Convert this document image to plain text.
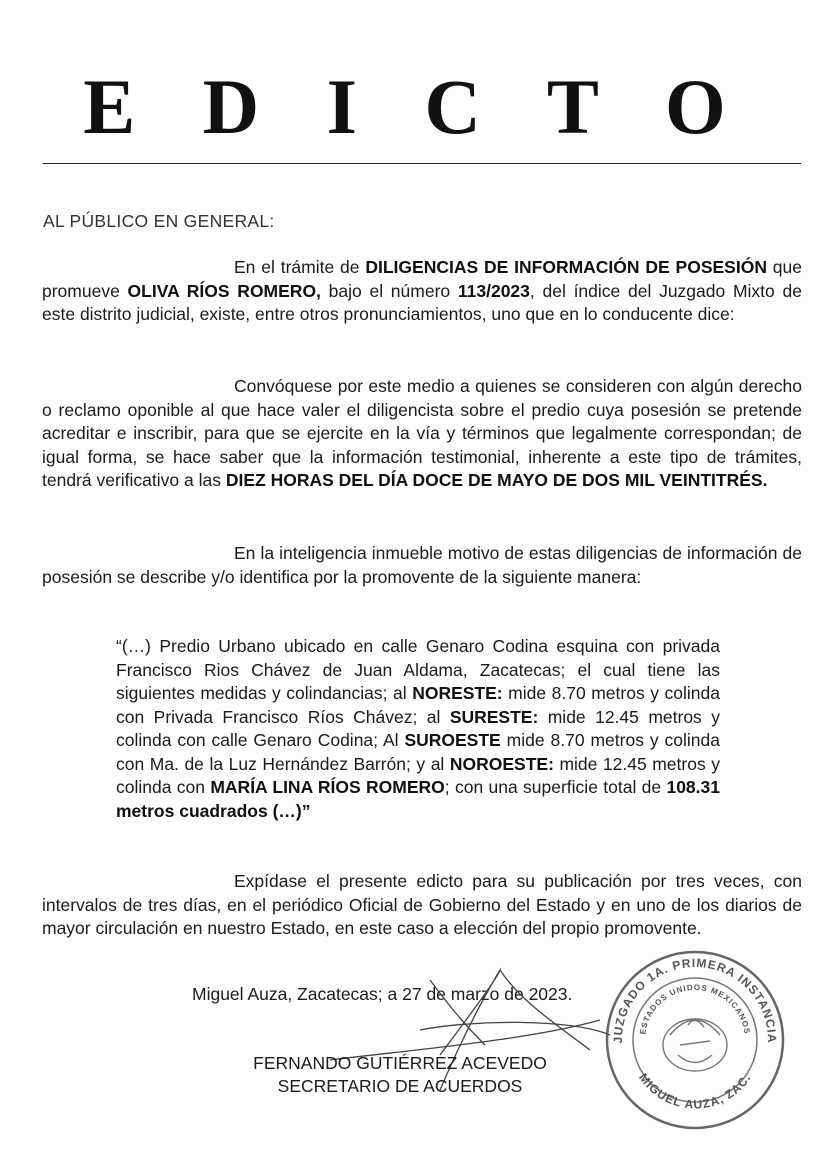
E D I C T O
AL PÚBLICO EN GENERAL:

En el trámite de DILIGENCIAS DE INFORMACIÓN DE POSESIÓN que promueve OLIVA RÍOS ROMERO, bajo el número 113/2023, del índice del Juzgado Mixto de este distrito judicial, existe, entre otros pronunciamientos, uno que en lo conducente dice:

Convóquese por este medio a quienes se consideren con algún derecho o reclamo oponible al que hace valer el diligencista sobre el predio cuya posesión se pretende acreditar e inscribir, para que se ejercite en la vía y términos que legalmente correspondan; de igual forma, se hace saber que la información testimonial, inherente a este tipo de trámites, tendrá verificativo a las DIEZ HORAS DEL DÍA DOCE DE MAYO DE DOS MIL VEINTITRÉS.

En la inteligencia inmueble motivo de estas diligencias de información de posesión se describe y/o identifica por la promovente de la siguiente manera:

“(…) Predio Urbano ubicado en calle Genaro Codina esquina con privada Francisco Rios Chávez de Juan Aldama, Zacatecas; el cual tiene las siguientes medidas y colindancias; al NORESTE: mide 8.70 metros y colinda con Privada Francisco Ríos Chávez; al SURESTE: mide 12.45 metros y colinda con calle Genaro Codina; Al SUROESTE mide 8.70 metros y colinda con Ma. de la Luz Hernández Barrón; y al NOROESTE: mide 12.45 metros y colinda con MARÍA LINA RÍOS ROMERO; con una superficie total de 108.31 metros cuadrados (…)”

Expídase el presente edicto para su publicación por tres veces, con intervalos de tres días, en el periódico Oficial de Gobierno del Estado y en uno de los diarios de mayor circulación en nuestro Estado, en este caso a elección del propio promovente.

Miguel Auza, Zacatecas; a 27 de marzo de 2023.
JUZGADO 1A. PRIMERA INSTANCIA
ESTADOS UNIDOS MEXICANOS
MIGUEL AUZA, ZAC.
FERNANDO GUTIÉRREZ ACEVEDO
SECRETARIO DE ACUERDOS
